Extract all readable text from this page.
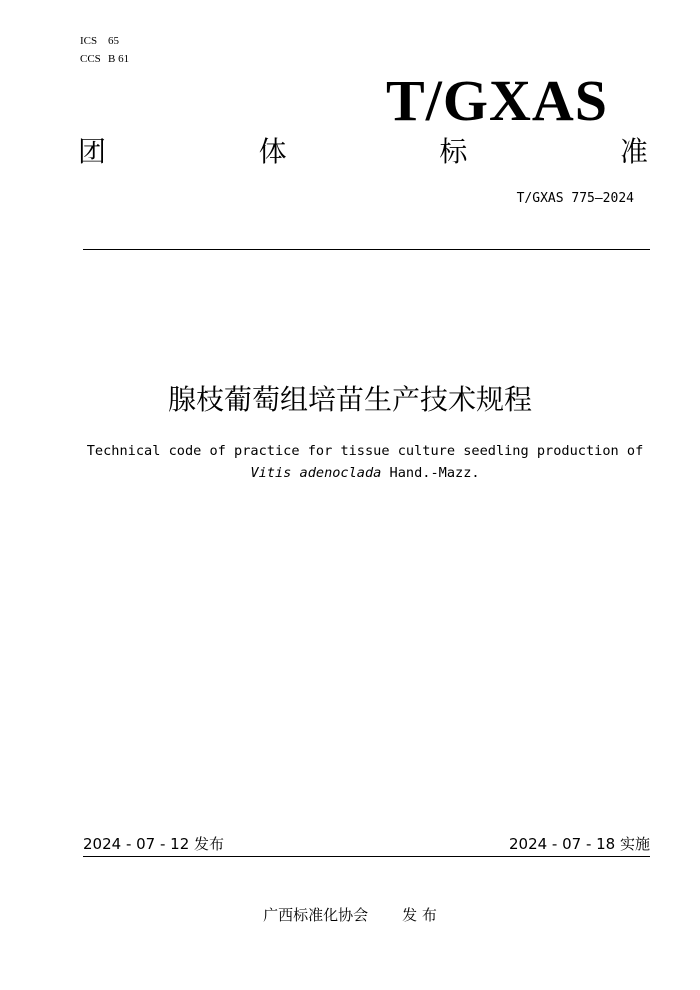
ICS 65
CCS B 61
T/GXAS
团	体	标	准
T/GXAS 775—2024
腺枝葡萄组培苗生产技术规程
Technical code of practice for tissue culture seedling production of
Vitis adenoclada Hand.-Mazz.
2024 - 07 - 12 发布	2024 - 07 - 18 实施
广西标准化协会 发 布
